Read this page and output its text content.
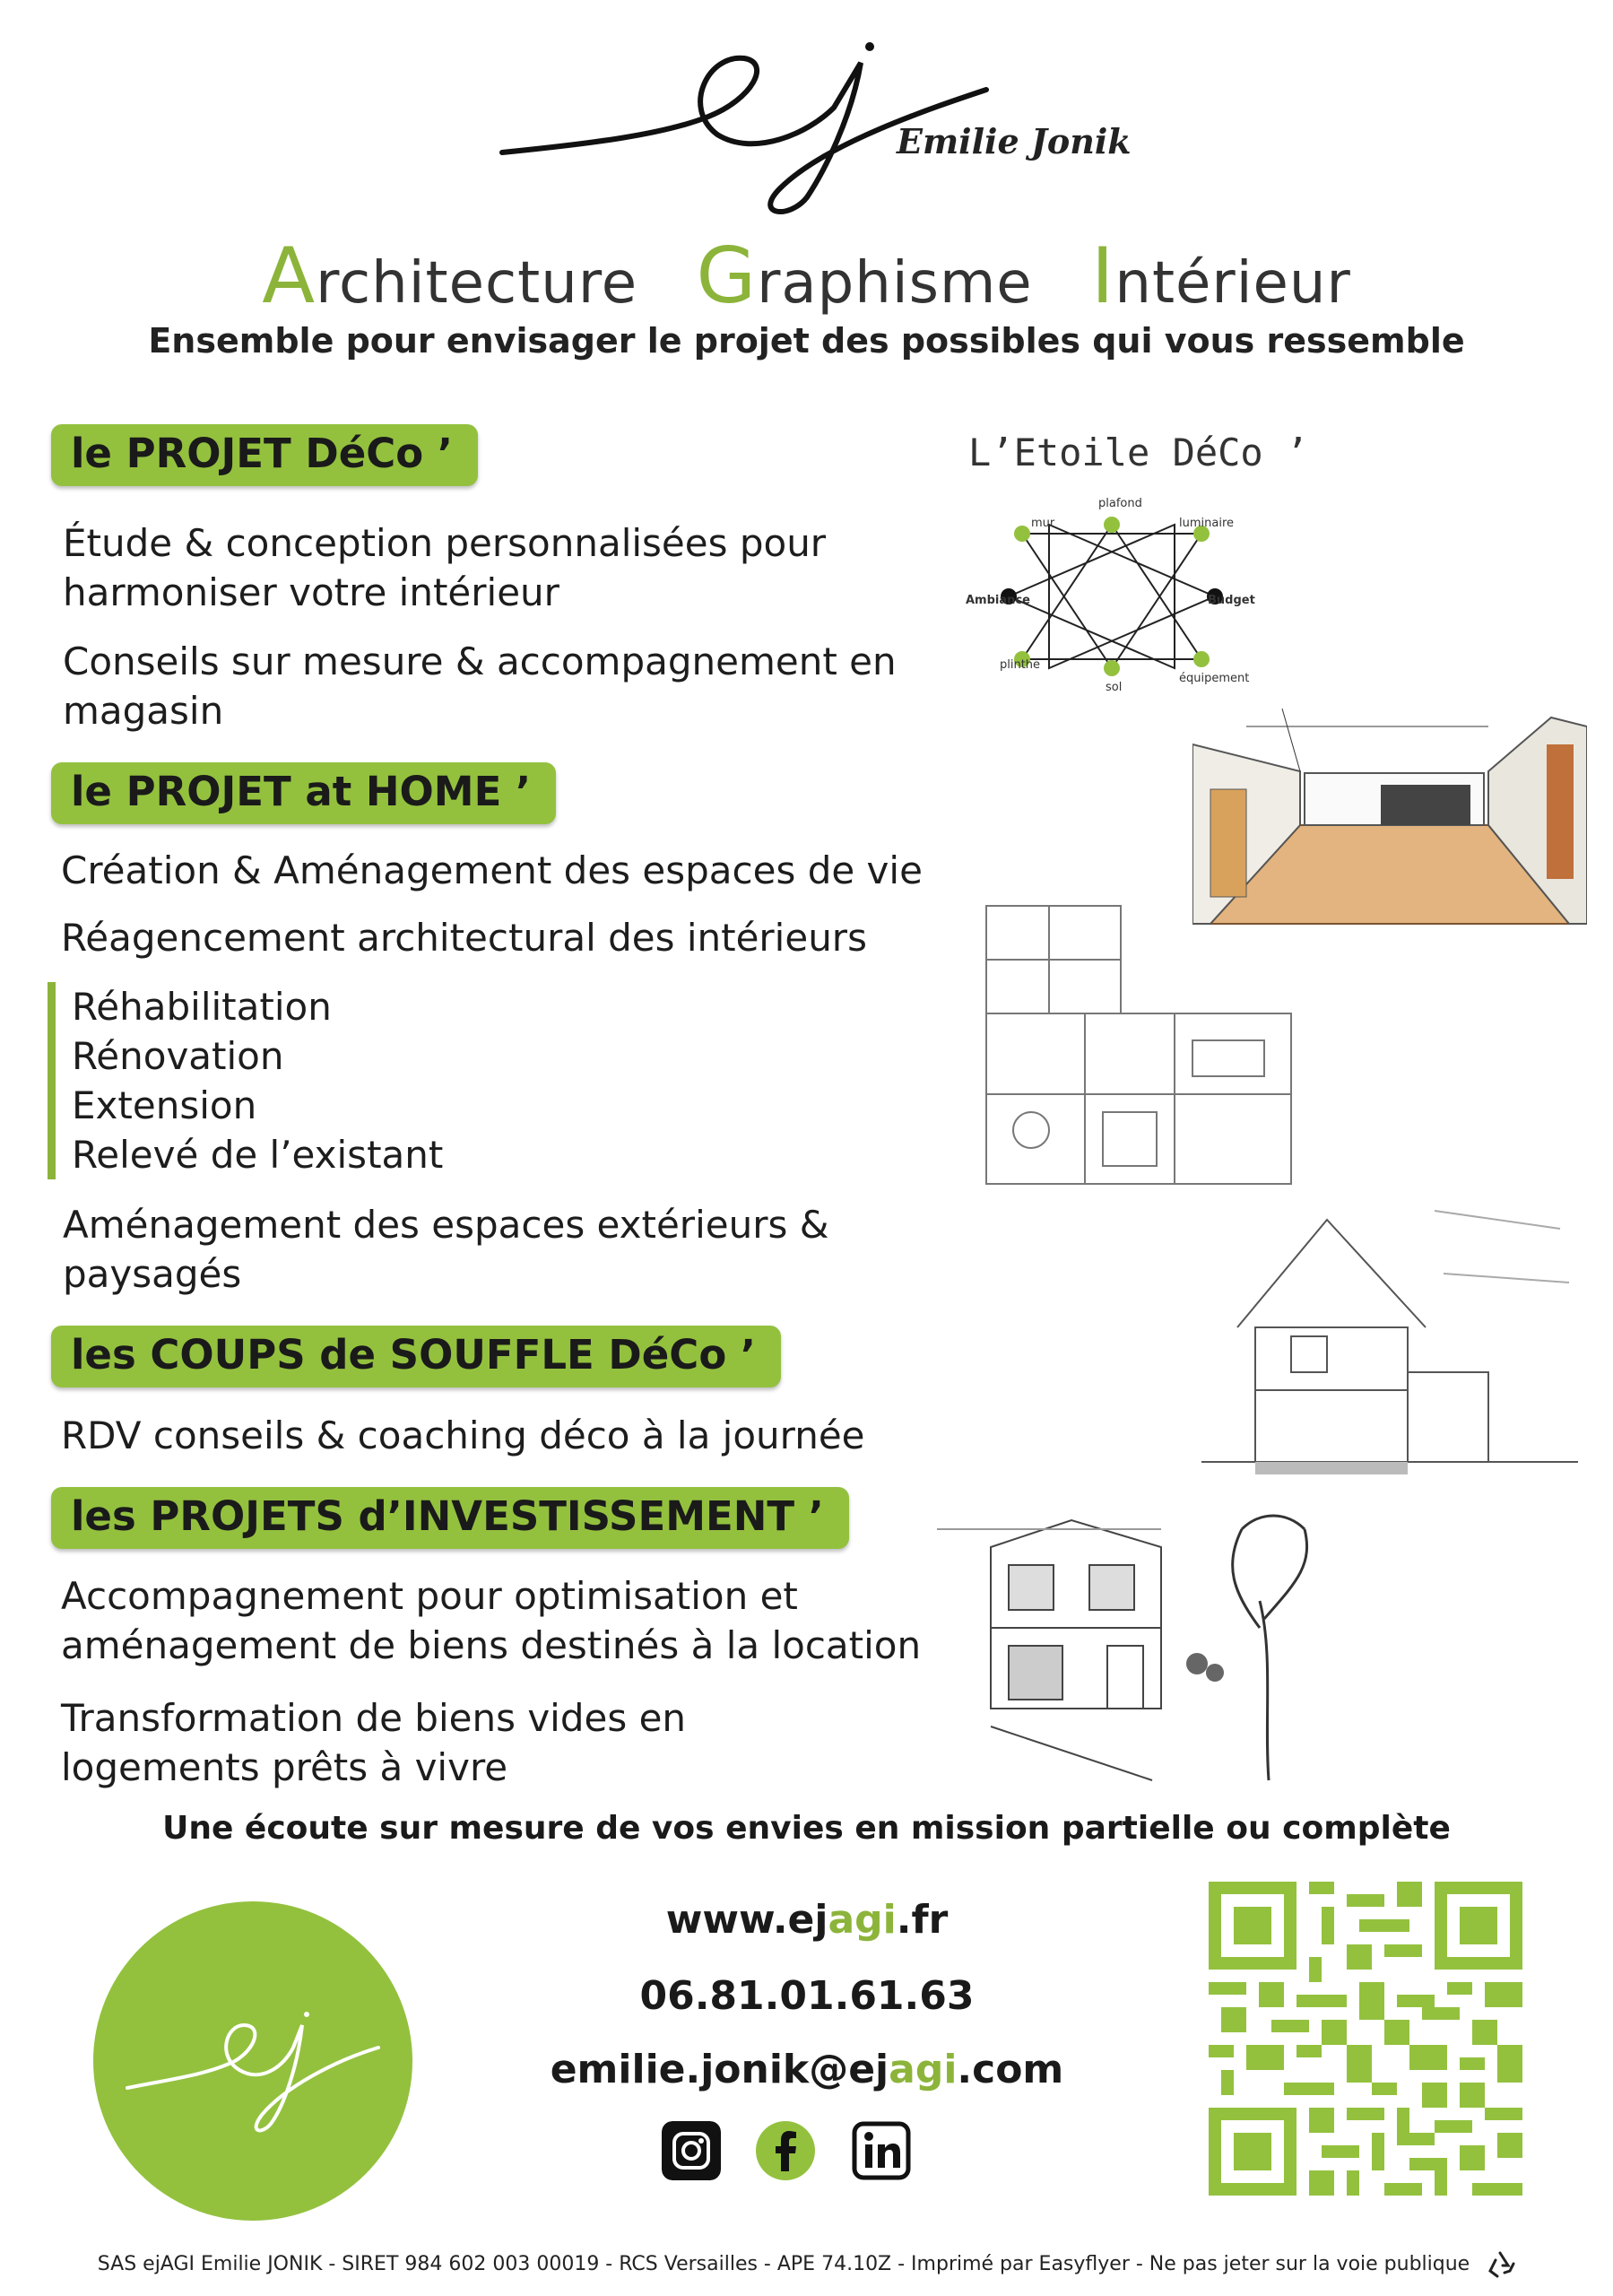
Emilie Jonik
Architecture Graphisme Intérieur
Ensemble pour envisager le projet des possibles qui vous ressemble
le PROJET DéCo ’
Étude & conception personnalisées pour
harmoniser votre intérieur
Conseils sur mesure & accompagnement en
magasin
L’Etoile DéCo ’
plafond
luminaire
Budget
équipement
sol
plinthe
Ambiance
mur
le PROJET at HOME ’
Création & Aménagement des espaces de vie
Réagencement architectural des intérieurs
Réhabilitation
Rénovation
Extension
Relevé de l’existant
Aménagement des espaces extérieurs &
paysagés
les COUPS de SOUFFLE DéCo ’
RDV conseils & coaching déco à la journée
les PROJETS d’INVESTISSEMENT ’
Accompagnement pour optimisation et
aménagement de biens destinés à la location
Transformation de biens vides en
logements prêts à vivre
Une écoute sur mesure de vos envies en mission partielle ou complète
www.ejagi.fr
06.81.01.61.63
emilie.jonik@ejagi.com
SAS ejAGI Emilie JONIK - SIRET 984 602 003 00019 - RCS Versailles - APE 74.10Z - Imprimé par Easyflyer - Ne pas jeter sur la voie publique
